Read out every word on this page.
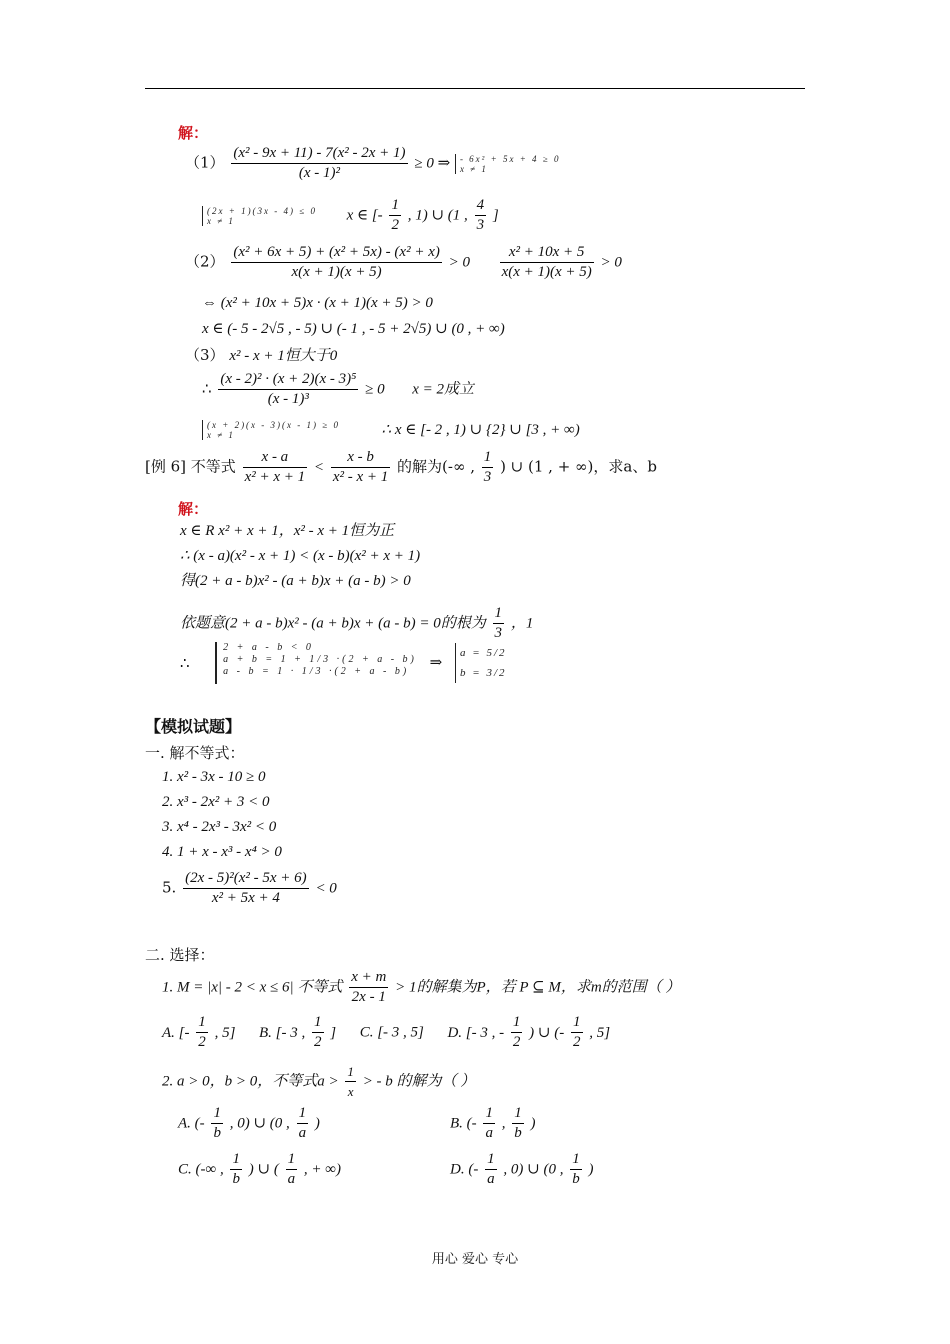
解：
$(1) \frac{\text{(x² - 9x + 11) - 7(x² - 2x + 1)}}{\text{(x - 1)²}} \ge 0$ ⇒ - 6x² + 5x + 4 ≥ 0
x ≠ 1
(2x + 1)(3x - 4) ≤ 0
x ≠ 1	x ∈ [- $\frac{1}{2}$ , 1) ∪ (1 , $\frac{4}{3}$ ]
$(2) \frac{\text{(x² + 6x + 5) + (x² + 5x) - (x² + x)}}{x(x + 1)(x + 5)} > 0 \frac{\text{x² + 10x + 5}}{x(x + 1)(x + 5)} > 0$
⇔ (x² + 10x + 5)x · (x + 1)(x + 5) > 0
x ∈ (- 5 - 2√5 , - 5) ∪ (- 1 , - 5 + 2√5) ∪ (0 , + ∞)
（3） x² - x + 1恒大于0
∴ $\frac{\text{(x - 2)² · (x + 2)(x - 3)⁵}}{\text{(x - 1)³}} \ge 0$ x = 2成立
(x + 2)(x - 3)(x - 1) ≥ 0
x ≠ 1	∴ x ∈ [- 2 , 1) ∪ {2} ∪ [3 , + ∞)
[例 6] 不等式 $\frac{x - a}{\text{x² + x + 1}} < \frac{x - b}{\text{x² - x + 1}}$ 的解为(-∞ , $\frac{1}{3}$ ) ∪ (1 , + ∞)，求a、b
解：
x ∈ R x² + x + 1，x² - x + 1恒为正
∴ (x - a)(x² - x + 1) < (x - b)(x² + x + 1)
得(2 + a - b)x² - (a + b)x + (a - b) > 0
依题意(2 + a - b)x² - (a + b)x + (a - b) = 0的根为 $\frac{1}{3}$ ，1
∴
2 + a - b < 0
a + b = 1 + 1/3 ·(2 + a - b)
a - b = 1 · 1/3 ·(2 + a - b)
⇒
a = 5/2
b = 3/2
【模拟试题】
一. 解不等式：
1. x² - 3x - 10 ≥ 0
2. x³ - 2x² + 3 < 0
3. x⁴ - 2x³ - 3x² < 0
4. 1 + x - x³ - x⁴ > 0
5. $\frac{\text{(2x - 5)²(x² - 5x + 6)}}{\text{x² + 5x + 4}} < 0$
二. 选择：
1. M = |x| - 2 < x ≤ 6| 不等式 $\frac{x + m}{2x - 1} > 1$的解集为P，若 P ⊆ M，求m的范围（ ）
A. [- $\frac{1}{2}$ , 5] B. [- 3 , $\frac{1}{2}$ ] C. [- 3 , 5] D. [- 3 , - $\frac{1}{2}$ ) ∪ (- $\frac{1}{2}$ , 5]
2. a > 0，b > 0，不等式$a > \frac{1}{x}$ > - b 的解为（ ）
A. (- $\frac{1}{b}$ , 0) ∪ (0 , $\frac{1}{a}$ )	B. (- $\frac{1}{a}$ , $\frac{1}{b}$ )
C. (-∞ , $\frac{1}{b}$ ) ∪ ( $\frac{1}{a}$ , + ∞)	D. (- $\frac{1}{a}$ , 0) ∪ (0 , $\frac{1}{b}$ )
用心 爱心 专心
